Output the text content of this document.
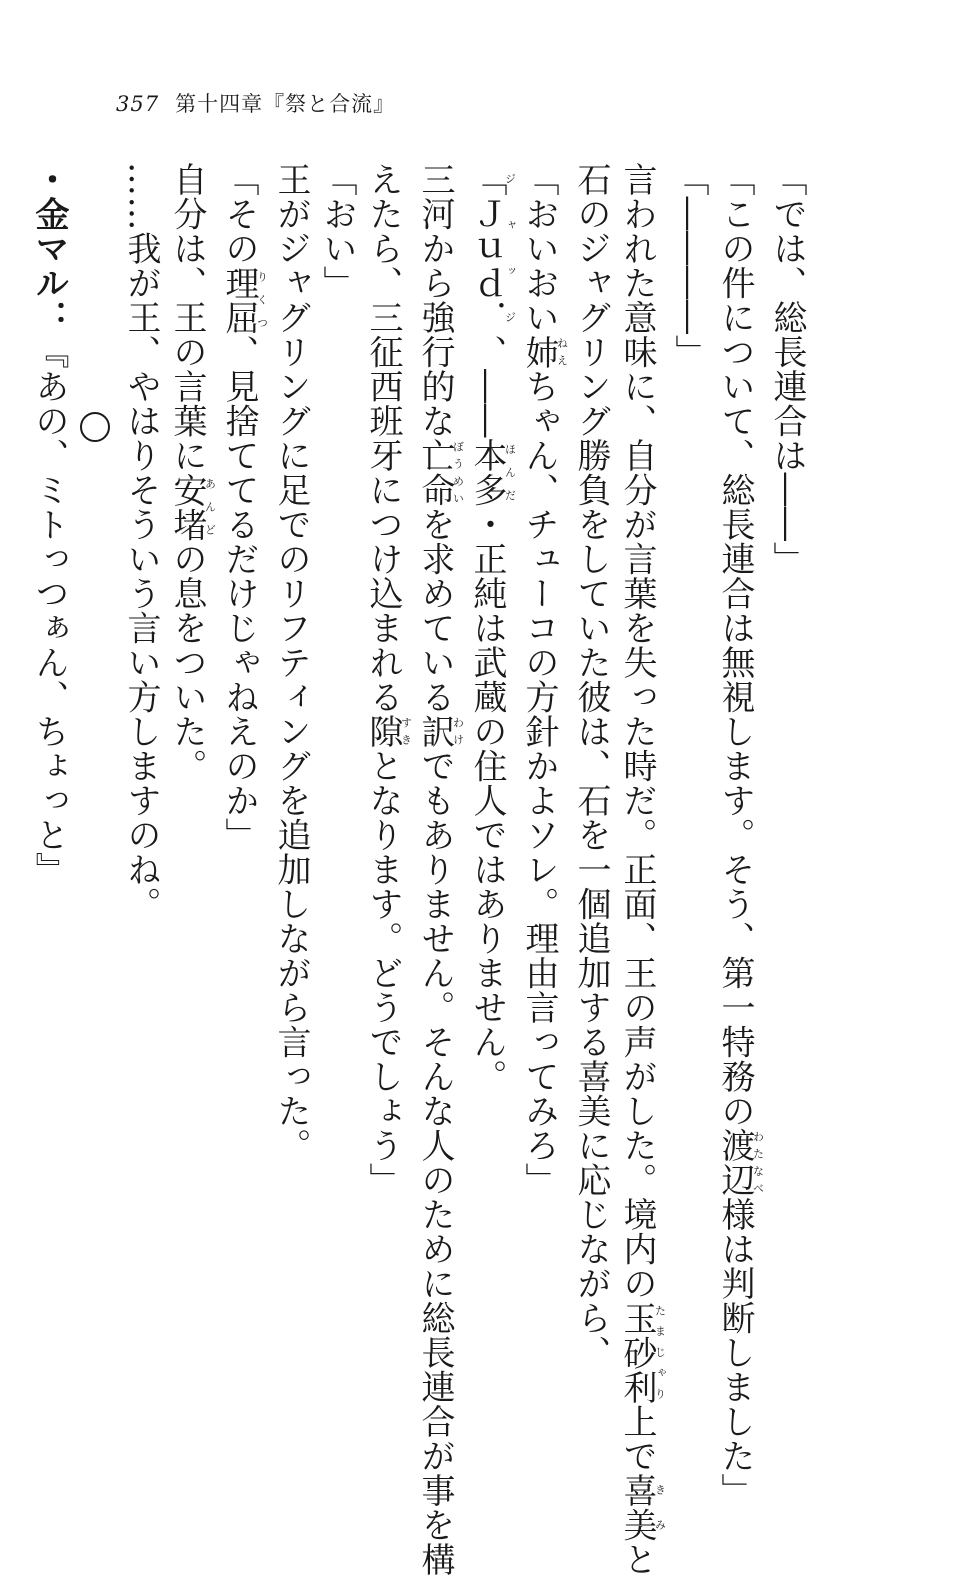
357 第十四章『祭と合流』
「では、総長連合は――」
「この件について、総長連合は無視します。そう、第一特務の渡辺わたなべ様は判断しました」
「――――」
言われた意味に、自分が言葉を失った時だ。正面、王の声がした。境内の玉砂利たまじゃり上で喜美きみと
石のジャグリング勝負をしていた彼は、石を一個追加する喜美に応じながら、
「おいおい姉ねえちゃん、チューコの方針かよソレ。理由言ってみろ」
「Ｊｕｄ．ジャッジ、――本多ほんだ・正純は武蔵の住人ではありません。
三河から強行的な亡命ぼうめいを求めている訳わけでもありません。そんな人のために総長連合が事を構
えたら、三征西班牙につけ込まれる隙すきとなります。どうでしょう」
「おい」
王がジャグリングに足でのリフティングを追加しながら言った。
「その理屈りくつ、見捨ててるだけじゃねえのか」
自分は、王の言葉に安堵あんどの息をついた。
……我が王、やはりそういう言い方しますのね。
・金マル：『あの、ミトっつぁん、ちょっと』
